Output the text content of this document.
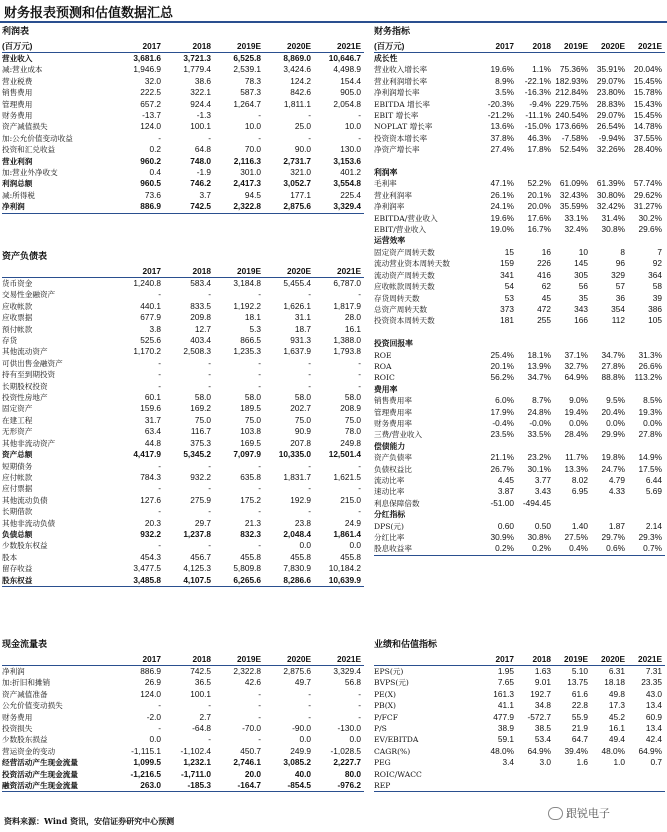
财务报表预测和估值数据汇总
利润表
(百万元)	2017	2018	2019E	2020E	2021E
营业收入	3,681.6	3,721.3	6,525.8	8,869.0	10,646.7
减:营业成本	1,946.9	1,779.4	2,539.1	3,424.6	4,498.9
营业税费	32.0	38.6	78.3	124.2	154.4
销售费用	222.5	322.1	587.3	842.6	905.0
管理费用	657.2	924.4	1,264.7	1,811.1	2,054.8
财务费用	-13.7	-1.3	-	-	-
资产减值损失	124.0	100.1	10.0	25.0	10.0
加:公允价值变动收益	-	-	-	-	-
投资和汇兑收益	0.2	64.8	70.0	90.0	130.0
营业利润	960.2	748.0	2,116.3	2,731.7	3,153.6
加:营业外净收支	0.4	-1.9	301.0	321.0	401.2
利润总额	960.5	746.2	2,417.3	3,052.7	3,554.8
减:所得税	73.6	3.7	94.5	177.1	225.4
净利润	886.9	742.5	2,322.8	2,875.6	3,329.4
资产负债表
	2017	2018	2019E	2020E	2021E
货币资金	1,240.8	583.4	3,184.8	5,455.4	6,787.0
交易性金融资产	-	-	-	-	-
应收帐款	440.1	833.5	1,192.2	1,626.1	1,817.9
应收票据	677.9	209.8	18.1	31.1	28.0
预付帐款	3.8	12.7	5.3	18.7	16.1
存货	525.6	403.4	866.5	931.3	1,388.0
其他流动资产	1,170.2	2,508.3	1,235.3	1,637.9	1,793.8
可供出售金融资产	-	-	-	-	-
持有至到期投资	-	-	-	-	-
长期股权投资	-	-	-	-	-
投资性房地产	60.1	58.0	58.0	58.0	58.0
固定资产	159.6	169.2	189.5	202.7	208.9
在建工程	31.7	75.0	75.0	75.0	75.0
无形资产	63.4	116.7	103.8	90.9	78.0
其他非流动资产	44.8	375.3	169.5	207.8	249.8
资产总额	4,417.9	5,345.2	7,097.9	10,335.0	12,501.4
短期债务	-	-	-	-	-
应付帐款	784.3	932.2	635.8	1,831.7	1,621.5
应付票据	-	-	-	-	-
其他流动负债	127.6	275.9	175.2	192.9	215.0
长期借款	-	-	-	-	-
其他非流动负债	20.3	29.7	21.3	23.8	24.9
负债总额	932.2	1,237.8	832.3	2,048.4	1,861.4
少数股东权益	-	-	-	0.0	0.0
股本	454.3	456.7	455.8	455.8	455.8
留存收益	3,477.5	4,125.3	5,809.8	7,830.9	10,184.2
股东权益	3,485.8	4,107.5	6,265.6	8,286.6	10,639.9
现金流量表
	2017	2018	2019E	2020E	2021E
净利润	886.9	742.5	2,322.8	2,875.6	3,329.4
加:折旧和摊销	26.9	36.5	42.6	49.7	56.8
资产减值准备	124.0	100.1	-	-	-
公允价值变动损失	-	-	-	-	-
财务费用	-2.0	2.7	-	-	-
投资损失	-	-64.8	-70.0	-90.0	-130.0
少数股东损益	0.0	-	-	0.0	0.0
营运资金的变动	-1,115.1	-1,102.4	450.7	249.9	-1,028.5
经营活动产生现金流量	1,099.5	1,232.1	2,746.1	3,085.2	2,227.7
投资活动产生现金流量	-1,216.5	-1,711.0	20.0	40.0	80.0
融资活动产生现金流量	263.0	-185.3	-164.7	-854.5	-976.2
财务指标
(百万元)	2017	2018	2019E	2020E	2021E
成长性					
营业收入增长率	19.6%	1.1%	75.36%	35.91%	20.04%
营业利润增长率	8.9%	-22.1%	182.93%	29.07%	15.45%
净利润增长率	3.5%	-16.3%	212.84%	23.80%	15.78%
EBITDA 增长率	-20.3%	-9.4%	229.75%	28.83%	15.43%
EBIT 增长率	-21.2%	-11.1%	240.54%	29.07%	15.45%
NOPLAT 增长率	13.6%	-15.0%	173.66%	26.54%	14.78%
投资资本增长率	37.8%	46.3%	-7.58%	-9.94%	37.55%
净资产增长率	27.4%	17.8%	52.54%	32.26%	28.40%

利润率					
毛利率	47.1%	52.2%	61.09%	61.39%	57.74%
营业利润率	26.1%	20.1%	32.43%	30.80%	29.62%
净利润率	24.1%	20.0%	35.59%	32.42%	31.27%
EBITDA/营业收入	19.6%	17.6%	33.1%	31.4%	30.2%
EBIT/营业收入	19.0%	16.7%	32.4%	30.8%	29.6%
运营效率					
固定资产周转天数	15	16	10	8	7
流动营业资本周转天数	159	226	145	96	92
流动资产周转天数	341	416	305	329	364
应收帐款周转天数	54	62	56	57	58
存货周转天数	53	45	35	36	39
总资产周转天数	373	472	343	354	386
投资资本周转天数	181	255	166	112	105

投资回报率					
ROE	25.4%	18.1%	37.1%	34.7%	31.3%
ROA	20.1%	13.9%	32.7%	27.8%	26.6%
ROIC	56.2%	34.7%	64.9%	88.8%	113.2%
费用率					
销售费用率	6.0%	8.7%	9.0%	9.5%	8.5%
管理费用率	17.9%	24.8%	19.4%	20.4%	19.3%
财务费用率	-0.4%	-0.0%	0.0%	0.0%	0.0%
三费/营业收入	23.5%	33.5%	28.4%	29.9%	27.8%
偿债能力					
资产负债率	21.1%	23.2%	11.7%	19.8%	14.9%
负债权益比	26.7%	30.1%	13.3%	24.7%	17.5%
流动比率	4.45	3.77	8.02	4.79	6.44
速动比率	3.87	3.43	6.95	4.33	5.69
利息保障倍数	-51.00	-494.45			
分红指标					
DPS(元)	0.60	0.50	1.40	1.87	2.14
分红比率	30.9%	30.8%	27.5%	29.7%	29.3%
股息收益率	0.2%	0.2%	0.4%	0.6%	0.7%
业绩和估值指标
	2017	2018	2019E	2020E	2021E
EPS(元)	1.95	1.63	5.10	6.31	7.31
BVPS(元)	7.65	9.01	13.75	18.18	23.35
PE(X)	161.3	192.7	61.6	49.8	43.0
PB(X)	41.1	34.8	22.8	17.3	13.4
P/FCF	477.9	-572.7	55.9	45.2	60.9
P/S	38.9	38.5	21.9	16.1	13.4
EV/EBITDA	59.1	53.4	64.7	49.4	42.4
CAGR(%)	48.0%	64.9%	39.4%	48.0%	64.9%
PEG	3.4	3.0	1.6	1.0	0.7
ROIC/WACC					
REP					
资料来源：Wind 资讯，安信证券研究中心预测
跟锐电子
